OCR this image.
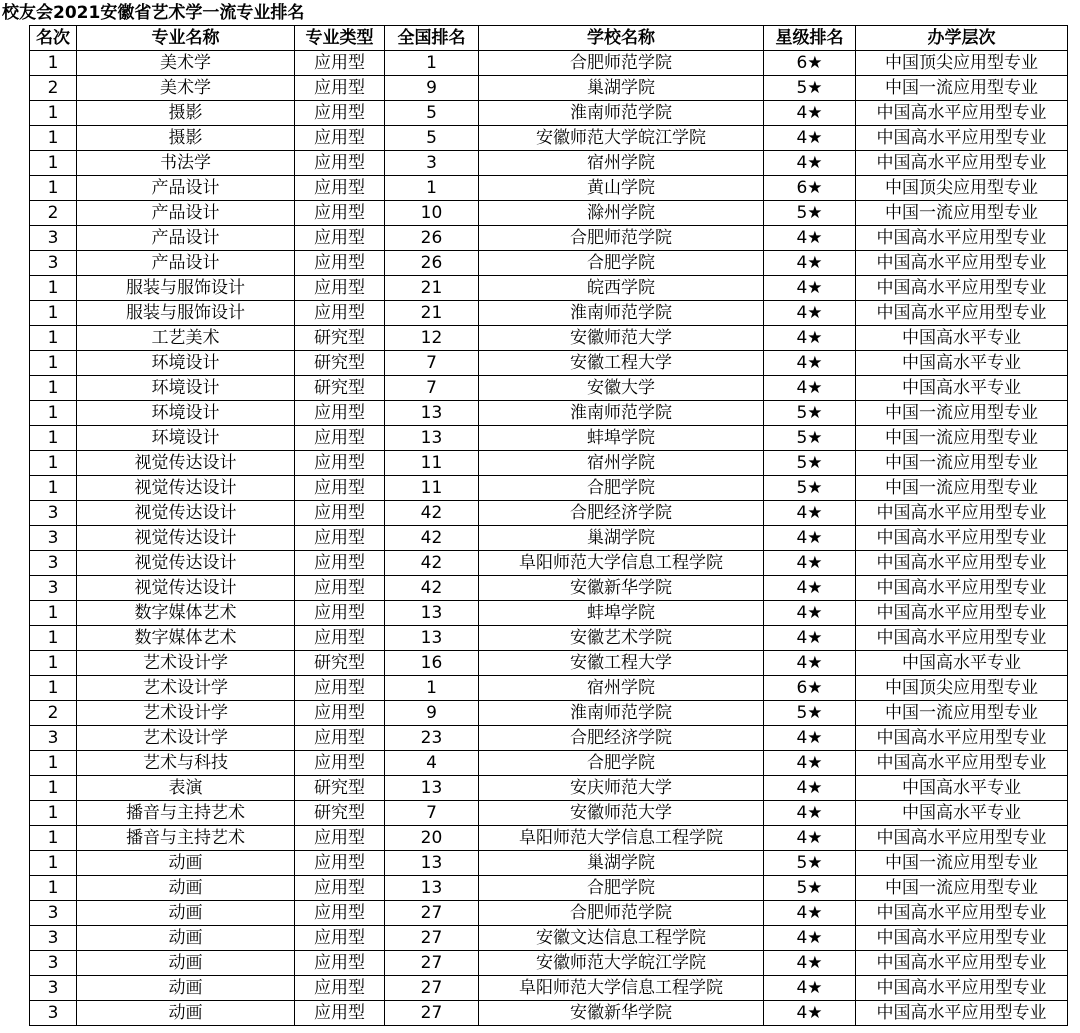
校友会2021安徽省艺术学一流专业排名
名次	专业名称	专业类型	全国排名	学校名称	星级排名	办学层次
1	美术学	应用型	1	合肥师范学院	6★	中国顶尖应用型专业
2	美术学	应用型	9	巢湖学院	5★	中国一流应用型专业
1	摄影	应用型	5	淮南师范学院	4★	中国高水平应用型专业
1	摄影	应用型	5	安徽师范大学皖江学院	4★	中国高水平应用型专业
1	书法学	应用型	3	宿州学院	4★	中国高水平应用型专业
1	产品设计	应用型	1	黄山学院	6★	中国顶尖应用型专业
2	产品设计	应用型	10	滁州学院	5★	中国一流应用型专业
3	产品设计	应用型	26	合肥师范学院	4★	中国高水平应用型专业
3	产品设计	应用型	26	合肥学院	4★	中国高水平应用型专业
1	服装与服饰设计	应用型	21	皖西学院	4★	中国高水平应用型专业
1	服装与服饰设计	应用型	21	淮南师范学院	4★	中国高水平应用型专业
1	工艺美术	研究型	12	安徽师范大学	4★	中国高水平专业
1	环境设计	研究型	7	安徽工程大学	4★	中国高水平专业
1	环境设计	研究型	7	安徽大学	4★	中国高水平专业
1	环境设计	应用型	13	淮南师范学院	5★	中国一流应用型专业
1	环境设计	应用型	13	蚌埠学院	5★	中国一流应用型专业
1	视觉传达设计	应用型	11	宿州学院	5★	中国一流应用型专业
1	视觉传达设计	应用型	11	合肥学院	5★	中国一流应用型专业
3	视觉传达设计	应用型	42	合肥经济学院	4★	中国高水平应用型专业
3	视觉传达设计	应用型	42	巢湖学院	4★	中国高水平应用型专业
3	视觉传达设计	应用型	42	阜阳师范大学信息工程学院	4★	中国高水平应用型专业
3	视觉传达设计	应用型	42	安徽新华学院	4★	中国高水平应用型专业
1	数字媒体艺术	应用型	13	蚌埠学院	4★	中国高水平应用型专业
1	数字媒体艺术	应用型	13	安徽艺术学院	4★	中国高水平应用型专业
1	艺术设计学	研究型	16	安徽工程大学	4★	中国高水平专业
1	艺术设计学	应用型	1	宿州学院	6★	中国顶尖应用型专业
2	艺术设计学	应用型	9	淮南师范学院	5★	中国一流应用型专业
3	艺术设计学	应用型	23	合肥经济学院	4★	中国高水平应用型专业
1	艺术与科技	应用型	4	合肥学院	4★	中国高水平应用型专业
1	表演	研究型	13	安庆师范大学	4★	中国高水平专业
1	播音与主持艺术	研究型	7	安徽师范大学	4★	中国高水平专业
1	播音与主持艺术	应用型	20	阜阳师范大学信息工程学院	4★	中国高水平应用型专业
1	动画	应用型	13	巢湖学院	5★	中国一流应用型专业
1	动画	应用型	13	合肥学院	5★	中国一流应用型专业
3	动画	应用型	27	合肥师范学院	4★	中国高水平应用型专业
3	动画	应用型	27	安徽文达信息工程学院	4★	中国高水平应用型专业
3	动画	应用型	27	安徽师范大学皖江学院	4★	中国高水平应用型专业
3	动画	应用型	27	阜阳师范大学信息工程学院	4★	中国高水平应用型专业
3	动画	应用型	27	安徽新华学院	4★	中国高水平应用型专业
